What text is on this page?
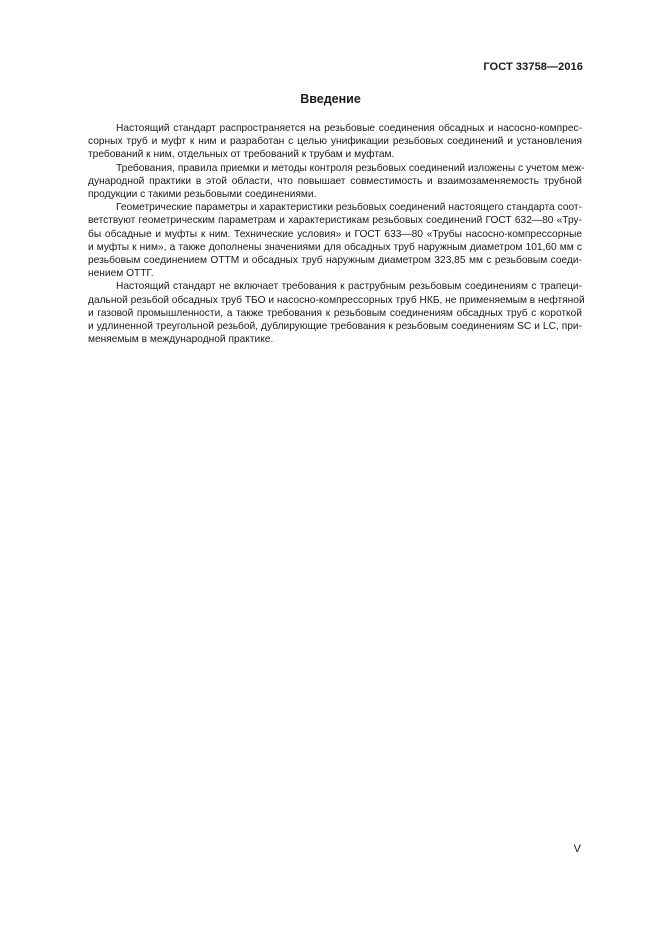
ГОСТ 33758—2016
Введение

Настоящий стандарт распространяется на резьбовые соединения обсадных и насосно-компрес-
сорных труб и муфт к ним и разработан с целью унификации резьбовых соединений и установления
требований к ним, отдельных от требований к трубам и муфтам.

Требования, правила приемки и методы контроля резьбовых соединений изложены с учетом меж-
дународной практики в этой области, что повышает совместимость и взаимозаменяемость трубной
продукции с такими резьбовыми соединениями.

Геометрические параметры и характеристики резьбовых соединений настоящего стандарта соот-
ветствуют геометрическим параметрам и характеристикам резьбовых соединений ГОСТ 632—80 «Тру-
бы обсадные и муфты к ним. Технические условия» и ГОСТ 633—80 «Трубы насосно-компрессорные
и муфты к ним», а также дополнены значениями для обсадных труб наружным диаметром 101,60 мм с
резьбовым соединением ОТТМ и обсадных труб наружным диаметром 323,85 мм с резьбовым соеди-
нением ОТТГ.

Настоящий стандарт не включает требования к раструбным резьбовым соединениям с трапеци-
дальной резьбой обсадных труб ТБО и насосно-компрессорных труб НКБ, не применяемым в нефтяной
и газовой промышленности, а также требования к резьбовым соединениям обсадных труб с короткой
и удлиненной треугольной резьбой, дублирующие требования к резьбовым соединениям SC и LC, при-
меняемым в международной практике.

V
